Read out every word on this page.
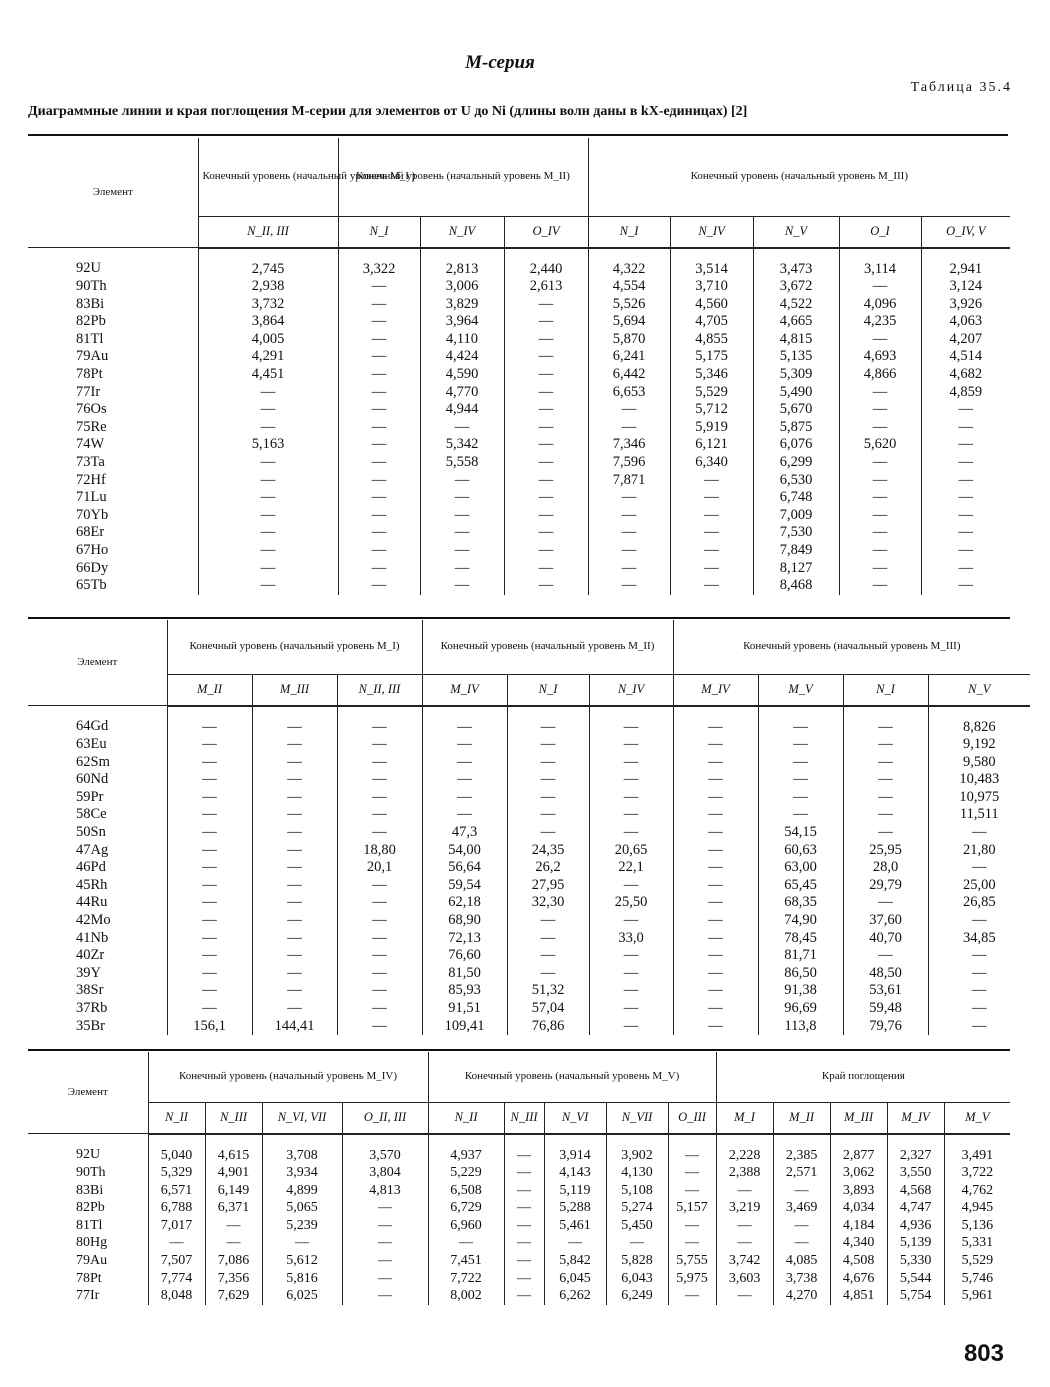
М-серия
Таблица 35.4
Диаграммные линии и края поглощения М-серии для элементов от U до Ni (длины волн даны в kX-единицах) [2]
Элемент	Конечный уровень (начальный уровень M_I )	Конечный уровень (начальный уровень M_II)			Конечный уровень (начальный уровень M_III)				
	N_II, III	N_I	N_IV	O_IV	N_I	N_IV	N_V	O_I	O_IV, V
92U	2,745	3,322	2,813	2,440	4,322	3,514	3,473	3,114	2,941
90Th	2,938	—	3,006	2,613	4,554	3,710	3,672	—	3,124
83Bi	3,732	—	3,829	—	5,526	4,560	4,522	4,096	3,926
82Pb	3,864	—	3,964	—	5,694	4,705	4,665	4,235	4,063
81Tl	4,005	—	4,110	—	5,870	4,855	4,815	—	4,207
79Au	4,291	—	4,424	—	6,241	5,175	5,135	4,693	4,514
78Pt	4,451	—	4,590	—	6,442	5,346	5,309	4,866	4,682
77Ir	—	—	4,770	—	6,653	5,529	5,490	—	4,859
76Os	—	—	4,944	—	—	5,712	5,670	—	—
75Re	—	—	—	—	—	5,919	5,875	—	—
74W	5,163	—	5,342	—	7,346	6,121	6,076	5,620	—
73Ta	—	—	5,558	—	7,596	6,340	6,299	—	—
72Hf	—	—	—	—	7,871	—	6,530	—	—
71Lu	—	—	—	—	—	—	6,748	—	—
70Yb	—	—	—	—	—	—	7,009	—	—
68Er	—	—	—	—	—	—	7,530	—	—
67Ho	—	—	—	—	—	—	7,849	—	—
66Dy	—	—	—	—	—	—	8,127	—	—
65Tb	—	—	—	—	—	—	8,468	—	—
Элемент	Конечный уровень (начальный уровень M_I)			Конечный уровень (начальный уровень M_II)			Конечный уровень (начальный уровень M_III)			
	M_II	M_III	N_II, III	M_IV	N_I	N_IV	M_IV	M_V	N_I	N_V
64Gd	—	—	—	—	—	—	—	—	—	8,826
63Eu	—	—	—	—	—	—	—	—	—	9,192
62Sm	—	—	—	—	—	—	—	—	—	9,580
60Nd	—	—	—	—	—	—	—	—	—	10,483
59Pr	—	—	—	—	—	—	—	—	—	10,975
58Ce	—	—	—	—	—	—	—	—	—	11,511
50Sn	—	—	—	47,3	—	—	—	54,15	—	—
47Ag	—	—	18,80	54,00	24,35	20,65	—	60,63	25,95	21,80
46Pd	—	—	20,1	56,64	26,2	22,1	—	63,00	28,0	—
45Rh	—	—	—	59,54	27,95	—	—	65,45	29,79	25,00
44Ru	—	—	—	62,18	32,30	25,50	—	68,35	—	26,85
42Mo	—	—	—	68,90	—	—	—	74,90	37,60	—
41Nb	—	—	—	72,13	—	33,0	—	78,45	40,70	34,85
40Zr	—	—	—	76,60	—	—	—	81,71	—	—
39Y	—	—	—	81,50	—	—	—	86,50	48,50	—
38Sr	—	—	—	85,93	51,32	—	—	91,38	53,61	—
37Rb	—	—	—	91,51	57,04	—	—	96,69	59,48	—
35Br	156,1	144,41	—	109,41	76,86	—	—	113,8	79,76	—
Элемент	Конечный уровень (начальный уровень M_IV)				Конечный уровень (начальный уровень M_V)					Край поглощения				
	N_II	N_III	N_VI, VII	O_II, III	N_II	N_III	N_VI	N_VII	O_III	M_I	M_II	M_III	M_IV	M_V
92U	5,040	4,615	3,708	3,570	4,937	—	3,914	3,902	—	2,228	2,385	2,877	2,327	3,491
90Th	5,329	4,901	3,934	3,804	5,229	—	4,143	4,130	—	2,388	2,571	3,062	3,550	3,722
83Bi	6,571	6,149	4,899	4,813	6,508	—	5,119	5,108	—	—	—	3,893	4,568	4,762
82Pb	6,788	6,371	5,065	—	6,729	—	5,288	5,274	5,157	3,219	3,469	4,034	4,747	4,945
81Tl	7,017	—	5,239	—	6,960	—	5,461	5,450	—	—	—	4,184	4,936	5,136
80Hg	—	—	—	—	—	—	—	—	—	—	—	4,340	5,139	5,331
79Au	7,507	7,086	5,612	—	7,451	—	5,842	5,828	5,755	3,742	4,085	4,508	5,330	5,529
78Pt	7,774	7,356	5,816	—	7,722	—	6,045	6,043	5,975	3,603	3,738	4,676	5,544	5,746
77Ir	8,048	7,629	6,025	—	8,002	—	6,262	6,249	—	—	4,270	4,851	5,754	5,961
803
